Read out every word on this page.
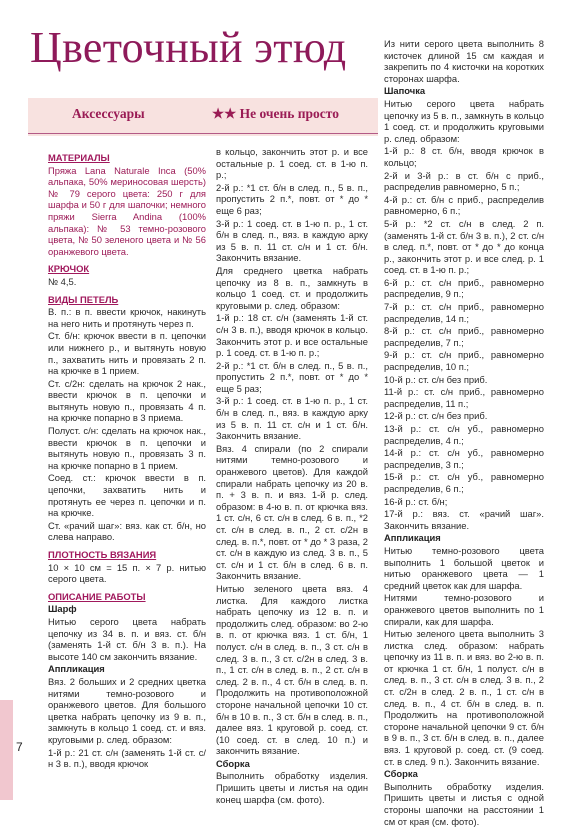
Цветочный этюд
Аксессуары	★★ Не очень просто

МАТЕРИАЛЫ

Пряжа Lana Naturale Inca (50% альпака, 50% мериносовая шерсть) № 79 серого цвета: 250 г для шарфа и 50 г для шапочки; немного пряжи Sierra Andina (100% альпака): № 53 темно-розового цвета, № 50 зеленого цвета и № 56 оранжевого цвета.

КРЮЧОК

№ 4,5.

ВИДЫ ПЕТЕЛЬ

В. п.: в п. ввести крючок, накинуть на него нить и протянуть через п.

Ст. б/н: крючок ввести в п. цепочки или нижнего р., и вытянуть новую п., захватить нить и провязать 2 п. на крючке в 1 прием.

Ст. с/2н: сделать на крючок 2 нак., ввести крючок в п. цепочки и вытянуть новую п., провязать 4 п. на крючке попарно в 3 приема.

Полуст. с/н: сделать на крючок нак., ввести крючок в п. цепочки и вытянуть новую п., провязать 3 п. на крючке попарно в 1 прием.

Соед. ст.: крючок ввести в п. цепочки, захватить нить и протянуть ее через п. цепочки и п. на крючке.

Ст. «рачий шаг»: вяз. как ст. б/н, но слева направо.

ПЛОТНОСТЬ ВЯЗАНИЯ

10 × 10 см = 15 п. × 7 р. нитью серого цвета.

ОПИСАНИЕ РАБОТЫ

Шарф

Нитью серого цвета набрать цепочку из 34 в. п. и вяз. ст. б/н (заменять 1-й ст. б/н 3 в. п.). На высоте 140 см закончить вязание.

Аппликация

Вяз. 2 больших и 2 средних цветка нитями темно-розового и оранжевого цветов. Для большого цветка набрать цепочку из 9 в. п., замкнуть в кольцо 1 соед. ст. и вяз. круговыми р. след. образом:

1-й р.: 21 ст. с/н (заменять 1-й ст. с/н 3 в. п.), вводя крючок

в кольцо, закончить этот р. и все остальные р. 1 соед. ст. в 1-ю п. р.;

2-й р.: *1 ст. б/н в след. п., 5 в. п., пропустить 2 п.*, повт. от * до * еще 6 раз;

3-й р.: 1 соед. ст. в 1-ю п. р., 1 ст. б/н в след. п., вяз. в каждую арку из 5 в. п. 11 ст. с/н и 1 ст. б/н. Закончить вязание.

Для среднего цветка набрать цепочку из 8 в. п., замкнуть в кольцо 1 соед. ст. и продолжить круговыми р. след. образом:

1-й р.: 18 ст. с/н (заменять 1-й ст. с/н 3 в. п.), вводя крючок в кольцо. Закончить этот р. и все остальные р. 1 соед. ст. в 1-ю п. р.;

2-й р.: *1 ст. б/н в след. п., 5 в. п., пропустить 2 п.*, повт. от * до * еще 5 раз;

3-й р.: 1 соед. ст. в 1-ю п. р., 1 ст. б/н в след. п., вяз. в каждую арку из 5 в. п. 11 ст. с/н и 1 ст. б/н. Закончить вязание.

Вяз. 4 спирали (по 2 спирали нитями темно-розового и оранжевого цветов). Для каждой спирали набрать цепочку из 20 в. п. + 3 в. п. и вяз. 1-й р. след. образом: в 4-ю в. п. от крючка вяз. 1 ст. с/н, 6 ст. с/н в след. 6 в. п., *2 ст. с/н в след. в. п., 2 ст. с/2н в след. в. п.*, повт. от * до * 3 раза, 2 ст. с/н в каждую из след. 3 в. п., 5 ст. с/н и 1 ст. б/н в след. 6 в. п. Закончить вязание.

Нитью зеленого цвета вяз. 4 листка. Для каждого листка набрать цепочку из 12 в. п. и продолжить след. образом: во 2-ю в. п. от крючка вяз. 1 ст. б/н, 1 полуст. с/н в след. в. п., 3 ст. с/н в след. 3 в. п., 3 ст. с/2н в след. 3 в. п., 1 ст. с/н в след. в. п., 2 ст. с/н в след. 2 в. п., 4 ст. б/н в след. в. п. Продолжить на противоположной стороне начальной цепочки 10 ст. б/н в 10 в. п., 3 ст. б/н в след. в. п., далее вяз. 1 круговой р. соед. ст. (10 соед. ст. в след. 10 п.) и закончить вязание.

Сборка

Выполнить обработку изделия. Пришить цветы и листья на один конец шарфа (см. фото).

Из нити серого цвета выполнить 8 кисточек длиной 15 см каждая и закрепить по 4 кисточки на коротких сторонах шарфа.

Шапочка

Нитью серого цвета набрать цепочку из 5 в. п., замкнуть в кольцо 1 соед. ст. и продолжить круговыми р. след. образом:

1-й р.: 8 ст. б/н, вводя крючок в кольцо;

2-й и 3-й р.: в ст. б/н с приб., распределив равномерно, 5 п.;

4-й р.: ст. б/н с приб., распределив равномерно, 6 п.;

5-й р.: *2 ст. с/н в след. 2 п. (заменять 1-й ст. б/н 3 в. п.), 2 ст. с/н в след. п.*, повт. от * до * до конца р., закончить этот р. и все след. р. 1 соед. ст. в 1-ю п. р.;

6-й р.: ст. с/н приб., равномерно распределив, 9 п.;

7-й р.: ст. с/н приб., равномерно распределив, 14 п.;

8-й р.: ст. с/н приб., равномерно распределив, 7 п.;

9-й р.: ст. с/н приб., равномерно распределив, 10 п.;

10-й р.: ст. с/н без приб.

11-й р.: ст. с/н приб., равномерно распределив, 11 п.;

12-й р.: ст. с/н без приб.

13-й р.: ст. с/н уб., равномерно распределив, 4 п.;

14-й р.: ст. с/н уб., равномерно распределив, 3 п.;

15-й р.: ст. с/н уб., равномерно распределив, 6 п.;

16-й р.: ст. б/н;

17-й р.: вяз. ст. «рачий шаг». Закончить вязание.

Аппликация

Нитью темно-розового цвета выполнить 1 большой цветок и нитью оранжевого цвета — 1 средний цветок как для шарфа.

Нитями темно-розового и оранжевого цветов выполнить по 1 спирали, как для шарфа.

Нитью зеленого цвета выполнить 3 листка след. образом: набрать цепочку из 11 в. п. и вяз. во 2-ю в. п. от крючка 1 ст. б/н, 1 полуст. с/н в след. в. п., 3 ст. с/н в след. 3 в. п., 2 ст. с/2н в след. 2 в. п., 1 ст. с/н в след. в. п., 4 ст. б/н в след. в. п. Продолжить на противоположной стороне начальной цепочки 9 ст. б/н в 9 в. п., 3 ст. б/н в след. в. п., далее вяз. 1 круговой р. соед. ст. (9 соед. ст. в след. 9 п.). Закончить вязание.

Сборка

Выполнить обработку изделия. Пришить цветы и листья с одной стороны шапочки на расстоянии 1 см от края (см. фото).

7
